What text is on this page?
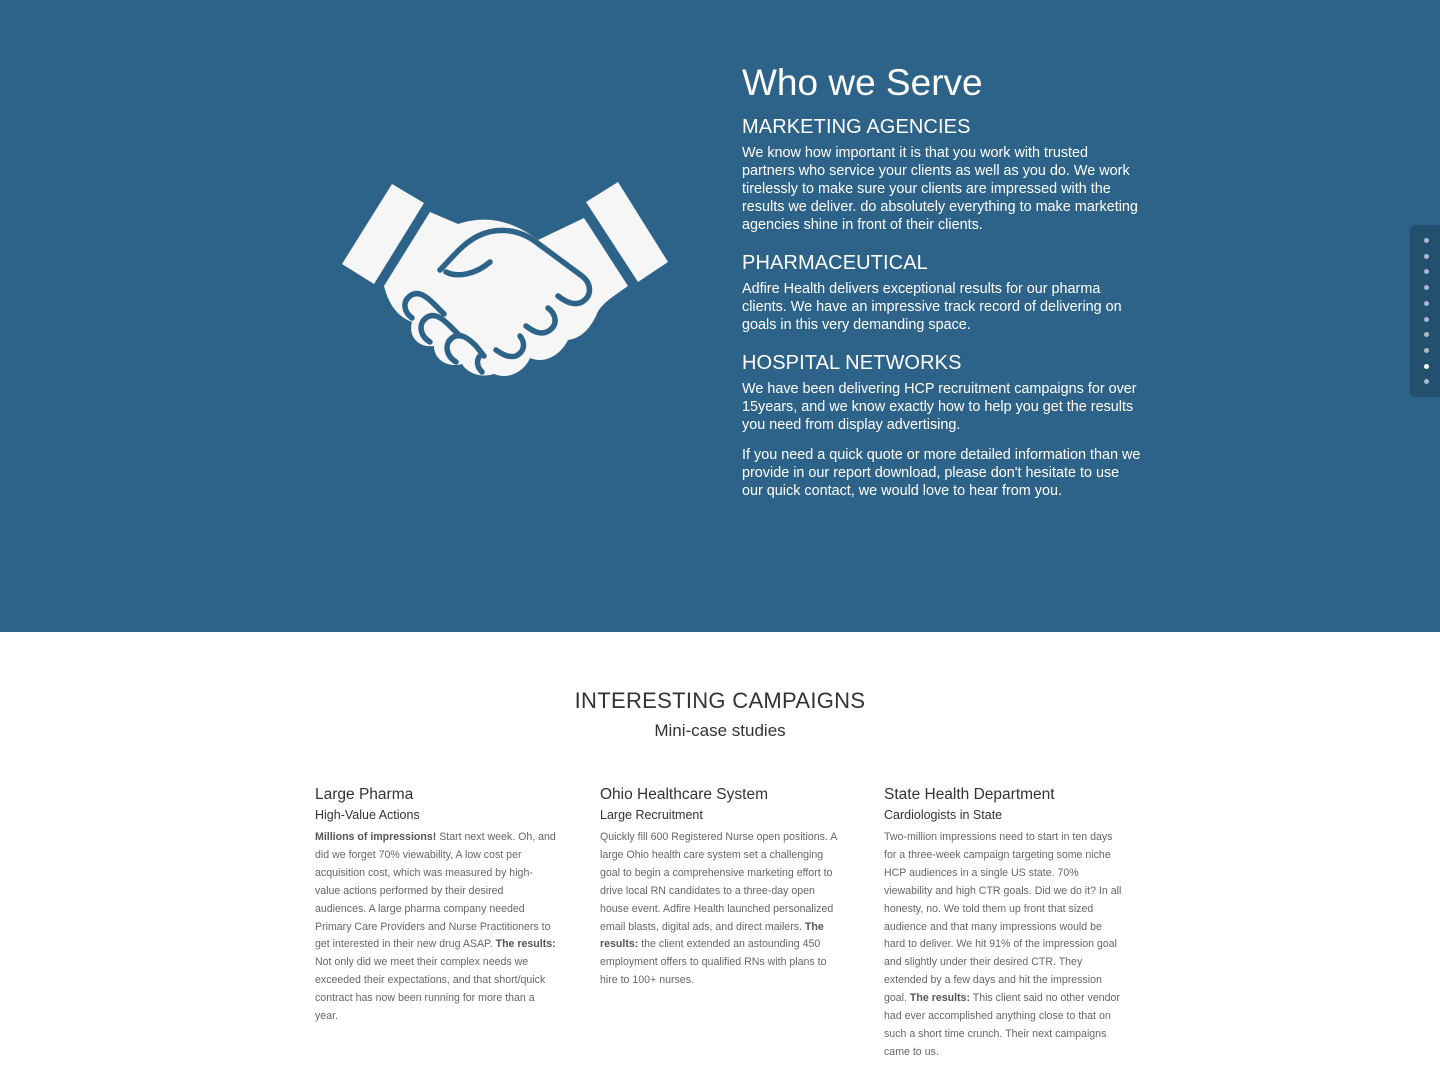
Who we Serve
MARKETING AGENCIES

We know how important it is that you work with trusted partners who service your clients as well as you do. We work tirelessly to make sure your clients are impressed with the results we deliver. do absolutely everything to make marketing agencies shine in front of their clients.

PHARMACEUTICAL

Adfire Health delivers exceptional results for our pharma clients. We have an impressive track record of delivering on goals in this very demanding space.

HOSPITAL NETWORKS

We have been delivering HCP recruitment campaigns for over 15years, and we know exactly how to help you get the results you need from display advertising.

If you need a quick quote or more detailed information than we provide in our report download, please don't hesitate to use our quick contact, we would love to hear from you.

INTERESTING CAMPAIGNS

Mini-case studies

Large Pharma

High-Value Actions

Millions of impressions! Start next week. Oh, and did we forget 70% viewability, A low cost per acquisition cost, which was measured by high-value actions performed by their desired audiences. A large pharma company needed Primary Care Providers and Nurse Practitioners to get interested in their new drug ASAP. The results: Not only did we meet their complex needs we exceeded their expectations, and that short/quick contract has now been running for more than a year.

Ohio Healthcare System

Large Recruitment

Quickly fill 600 Registered Nurse open positions. A large Ohio health care system set a challenging goal to begin a comprehensive marketing effort to drive local RN candidates to a three-day open house event. Adfire Health launched personalized email blasts, digital ads, and direct mailers. The results: the client extended an astounding 450 employment offers to qualified RNs with plans to hire to 100+ nurses.

State Health Department

Cardiologists in State

Two-million impressions need to start in ten days for a three-week campaign targeting some niche HCP audiences in a single US state. 70% viewability and high CTR goals. Did we do it? In all honesty, no. We told them up front that sized audience and that many impressions would be hard to deliver. We hit 91% of the impression goal and slightly under their desired CTR. They extended by a few days and hit the impression goal. The results: This client said no other vendor had ever accomplished anything close to that on such a short time crunch. Their next campaigns came to us.
